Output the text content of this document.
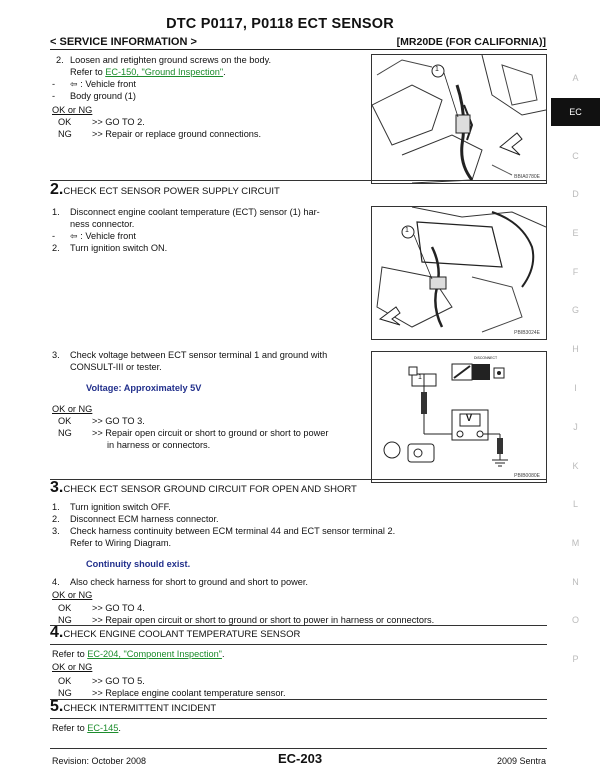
DTC P0117, P0118 ECT SENSOR
< SERVICE INFORMATION >	[MR20DE (FOR CALIFORNIA)]
A
EC
C
D
E
F
G
H
I
J
K
L
M
N
O
P
2. Loosen and retighten ground screws on the body.
Refer to EC-150, "Ground Inspection".
- ⇦ : Vehicle front
- Body ground (1)
OK or NG
OK >> GO TO 2.
NG >> Repair or replace ground connections.
1
BBIA0780E
2.CHECK ECT SENSOR POWER SUPPLY CIRCUIT
1. Disconnect engine coolant temperature (ECT) sensor (1) har-
ness connector.
- ⇦ : Vehicle front
2. Turn ignition switch ON.
1
PBIB3024E
3. Check voltage between ECT sensor terminal 1 and ground with
CONSULT-III or tester.
Voltage: Approximately 5V
OK or NG
OK >> GO TO 3.
NG >> Repair open circuit or short to ground or short to power
in harness or connectors.
DISCONNECT
1
V
PBIB0080E
3.CHECK ECT SENSOR GROUND CIRCUIT FOR OPEN AND SHORT
1. Turn ignition switch OFF.
2. Disconnect ECM harness connector.
3. Check harness continuity between ECM terminal 44 and ECT sensor terminal 2.
Refer to Wiring Diagram.
Continuity should exist.
4. Also check harness for short to ground and short to power.
OK or NG
OK >> GO TO 4.
NG >> Repair open circuit or short to ground or short to power in harness or connectors.
4.CHECK ENGINE COOLANT TEMPERATURE SENSOR
Refer to EC-204, "Component Inspection".
OK or NG
OK >> GO TO 5.
NG >> Replace engine coolant temperature sensor.
5.CHECK INTERMITTENT INCIDENT
Refer to EC-145.
Revision: October 2008	EC-203	2009 Sentra
